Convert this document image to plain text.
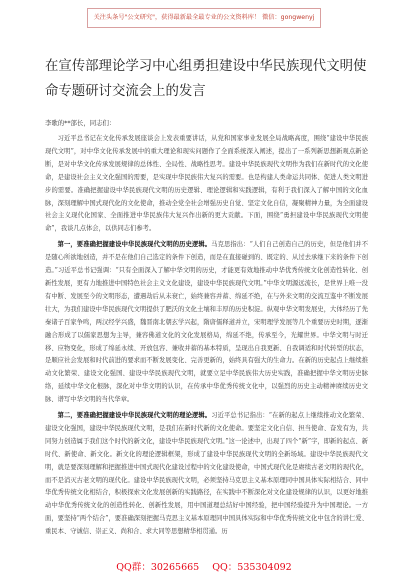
关注头条号"公文研究"，获得最新最全最专业的公文资料库！ 微信：gongwenyj
在宣传部理论学习中心组勇担建设中华民族现代文明使命专题研讨交流会上的发言

李歌的**部长，同志们：

习近平总书记在文化传承发展座谈会上发表重要讲话，从党和国家事业发展全局战略高度，围绕“建设中华民族现代文明”，对中华文化传承发展中的重大理论和现实问题作了全面系统深入阐述，提出了一系列新思想新观点新论断，是对中华文化传承发展规律的总体性、全局性、战略性思考。建设中华民族现代文明作为我们在新时代的文化使命，是建设社会主义文化强国的需要，是实现中华民族伟大复兴的需要。也是构建人类命运共同体、促进人类文明进步的需要。准确把握建设中华民族现代文明的历史逻辑、理论逻辑和实践逻辑，有利于我们深入了解中国的文化血脉，深刻理解中国式现代化的文化使命，推动全党全社会增强历史自觉、坚定文化自信，凝聚精神力量，为全面建设社会主义现代化国家、全面推进中华民族伟大复兴作出新的更大贡献。下面，围绕“勇担建设中华民族现代文明使命”，我谈几点体会，以供同志们参考。

第一，要准确把握建设中华民族现代文明的历史逻辑。马克思指出：“人们自己创造自己的历史，但是他们并不是随心所欲地创造，并不是在他们自己选定的条件下创造，而是在直接碰到的、既定的、从过去承继下来的条件下创造。”习近平总书记强调：“只有全面深入了解中华文明的历史，才能更有效地推动中华优秀传统文化创造性转化、创新性发展，更有力地推进中国特色社会主义文化建设，建设中华民族现代文明。”中华文明源远流长，是世界上唯一没有中断、发展至今的文明形态，遭遇劫后从未衰亡，始终兼容并蓄、绵延不绝，在与外来文明的交流互鉴中不断发展壮大，为我们建设中华民族现代文明提供了肥沃的文化土壤和丰厚的历史积淀。纵观中华文明发展史，大体经历了先秦诸子百家争鸣，两汉经学兴盛，魏晋南北朝玄学兴起，隋唐儒释道并立，宋明理学发展等几个重要历史时期，逐渐融合形成了以儒家思想为主导，兼容佛道文化的文化发展格局，绵延不绝，传承至今，光耀世界。中华文明与时迁移、应物变化，形成了绵延永续、开放包容、兼收并蓄的基本特质，呈现出自我更新、自我调适和时代转型的状态，是顺应社会发展和时代前进的要求而不断发展变化、完善更新的，始终具有强大的生命力。在新的历史起点上继续推动文化繁荣、建设文化强国、建设中华民族现代文明，就要立足中华民族伟大历史实践，准确把握中华文明历史脉络，延续中华文化根脉，深化对中华文明的认识，在传承中华优秀传统文化中，以强烈的历史主动精神赓续历史文脉、谱写中华文明的当代华章。

第二，要准确把握建设中华民族现代文明的理论逻辑。习近平总书记指出：“在新的起点上继续推动文化繁荣、建设文化强国，建设中华民族现代文明，是我们在新时代新的文化使命。要坚定文化自信、担当使命、奋发有为，共同努力创造属于我们这个时代的新文化，建设中华民族现代文明。”这一论述中，出现了四个“新”字，即新的起点、新时代、新使命、新文化。新文化的理论逻辑框架，形成了建设中华民族现代文明的全新场域。建设中华民族现代文明，就是要深刻理解和把握推进中国式现代化建设过程中的文化建设使命，中国式现代化是赓续古老文明的现代化，而不是消灭古老文明的现代化。建设中华民族现代文明，必须坚持马克思主义基本原理同中国具体实际相结合、同中华优秀传统文化相结合，积极探索文化发展创新的实践路径，在实践中不断深化对文化建设规律的认识，以更好地推动中华优秀传统文化的创造性转化、创新性发展，用中国道理总结好中国经验，把中国经验提升为中国理论。一方面，要坚持“两个结合”，要准确深刻把握马克思主义基本原理同中国具体实际和中华优秀传统文化中包含的讲仁爱、重民本、守诚信、崇正义、尚和合、求大同等思想精华相贯通。历

QQ群：30265665 QQ：535304092
